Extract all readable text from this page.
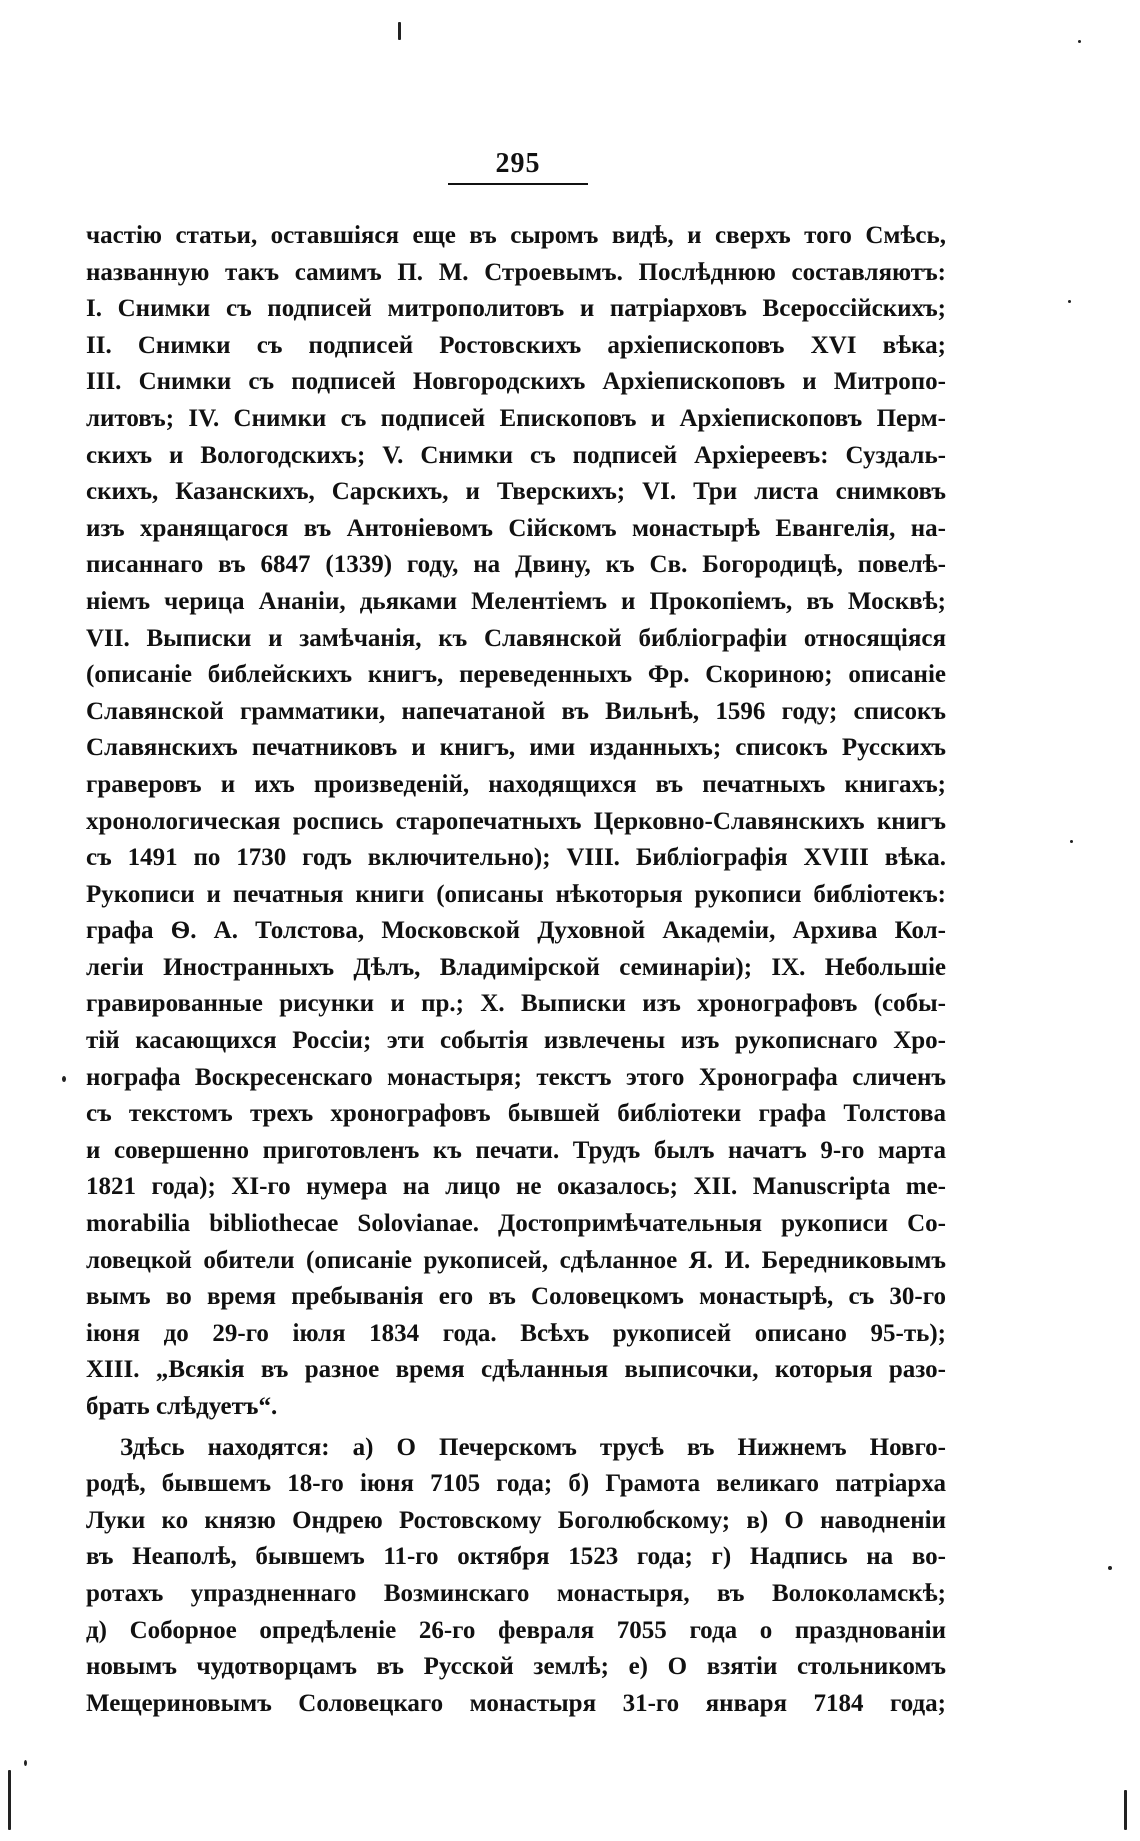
295
частію статьи, оставшіяся еще въ сыромъ видѣ, и сверхъ того Смѣсь,
названную такъ самимъ П. М. Строевымъ. Послѣднюю составляютъ:
I. Снимки съ подписей митрополитовъ и патріарховъ Всероссійскихъ;
II. Снимки съ подписей Ростовскихъ архіепископовъ XVI вѣка;
III. Снимки съ подписей Новгородскихъ Архіепископовъ и Митропо-
литовъ; IV. Снимки съ подписей Епископовъ и Архіепископовъ Перм-
скихъ и Вологодскихъ; V. Снимки съ подписей Архіереевъ: Суздаль-
скихъ, Казанскихъ, Сарскихъ, и Тверскихъ; VI. Три листа снимковъ
изъ хранящагося въ Антоніевомъ Сійскомъ монастырѣ Евангелія, на-
писаннаго въ 6847 (1339) году, на Двину, къ Св. Богородицѣ, повелѣ-
ніемъ черица Ананіи, дьяками Мелентіемъ и Прокопіемъ, въ Москвѣ;
VII. Выписки и замѣчанія, къ Славянской библіографіи относящіяся
(описаніе библейскихъ книгъ, переведенныхъ Фр. Скориною; описаніе
Славянской грамматики, напечатаной въ Вильнѣ, 1596 году; списокъ
Славянскихъ печатниковъ и книгъ, ими изданныхъ; списокъ Русскихъ
граверовъ и ихъ произведеній, находящихся въ печатныхъ книгахъ;
хронологическая роспись старопечатныхъ Церковно-Славянскихъ книгъ
съ 1491 по 1730 годъ включительно); VIII. Библіографія XVIII вѣка.
Рукописи и печатныя книги (описаны нѣкоторыя рукописи библіотекъ:
графа Ѳ. А. Толстова, Московской Духовной Академіи, Архива Кол-
легіи Иностранныхъ Дѣлъ, Владимірской семинаріи); IX. Небольшіе
гравированные рисунки и пр.; X. Выписки изъ хронографовъ (собы-
тій касающихся Россіи; эти событія извлечены изъ рукописнаго Хро-
нографа Воскресенскаго монастыря; текстъ этого Хронографа сличенъ
съ текстомъ трехъ хронографовъ бывшей библіотеки графа Толстова
и совершенно приготовленъ къ печати. Трудъ былъ начатъ 9-го марта
1821 года); XI-го нумера на лицо не оказалось; XII. Manuscripta me-
morabilia bibliothecae Solovianae. Достопримѣчательныя рукописи Со-
ловецкой обители (описаніе рукописей, сдѣланное Я. И. Бередниковымъ
вымъ во время пребыванія его въ Соловецкомъ монастырѣ, съ 30-го
іюня до 29-го іюля 1834 года. Всѣхъ рукописей описано 95-ть);
XIII. „Всякія въ разное время сдѣланныя выписочки, которыя разо-
брать слѣдуетъ“.
Здѣсь находятся: а) О Печерскомъ трусѣ въ Нижнемъ Новго-
родѣ, бывшемъ 18-го іюня 7105 года; б) Грамота великаго патріарха
Луки ко князю Ондрею Ростовскому Боголюбскому; в) О наводненіи
въ Неаполѣ, бывшемъ 11-го октября 1523 года; г) Надпись на во-
ротахъ упраздненнаго Возминскаго монастыря, въ Волоколамскѣ;
д) Соборное опредѣленіе 26-го февраля 7055 года о празднованіи
новымъ чудотворцамъ въ Русской землѣ; е) О взятіи стольникомъ
Мещериновымъ Соловецкаго монастыря 31-го января 7184 года;
